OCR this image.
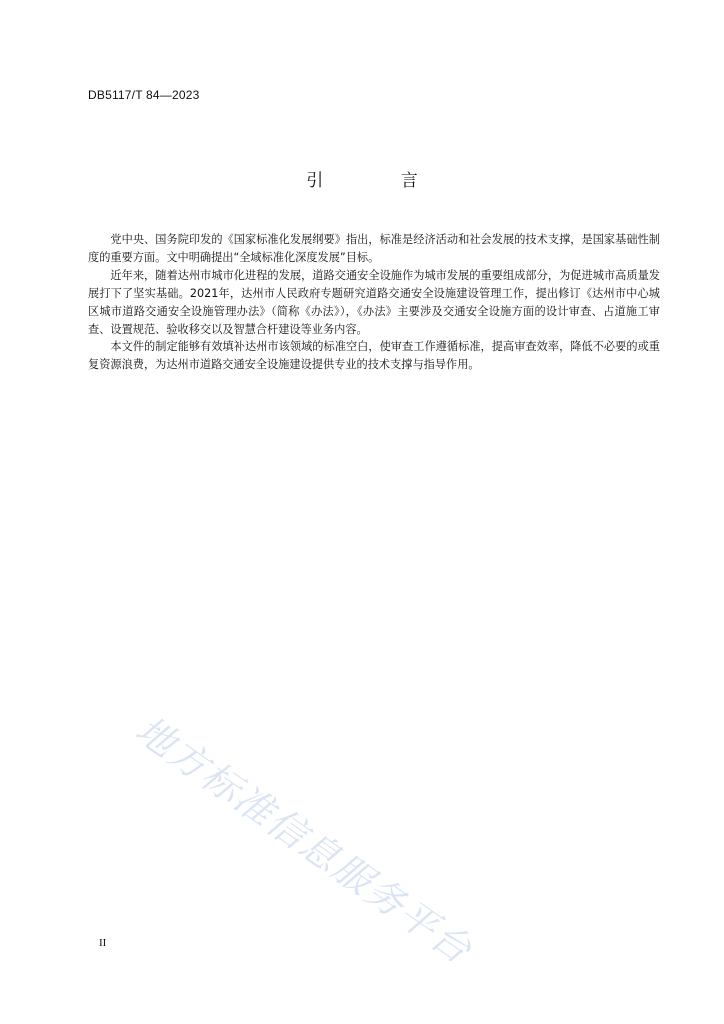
DB5117/T 84—2023
引 言

党中央、国务院印发的《国家标准化发展纲要》指出，标准是经济活动和社会发展的技术支撑，是国家基础性制度的重要方面。文中明确提出“全域标准化深度发展”目标。

近年来，随着达州市城市化进程的发展，道路交通安全设施作为城市发展的重要组成部分，为促进城市高质量发展打下了坚实基础。2021年，达州市人民政府专题研究道路交通安全设施建设管理工作，提出修订《达州市中心城区城市道路交通安全设施管理办法》（简称《办法》），《办法》主要涉及交通安全设施方面的设计审查、占道施工审查、设置规范、验收移交以及智慧合杆建设等业务内容。

本文件的制定能够有效填补达州市该领域的标准空白，使审查工作遵循标准，提高审查效率，降低不必要的或重复资源浪费，为达州市道路交通安全设施建设提供专业的技术支撑与指导作用。

地方标准信息服务平台
II
